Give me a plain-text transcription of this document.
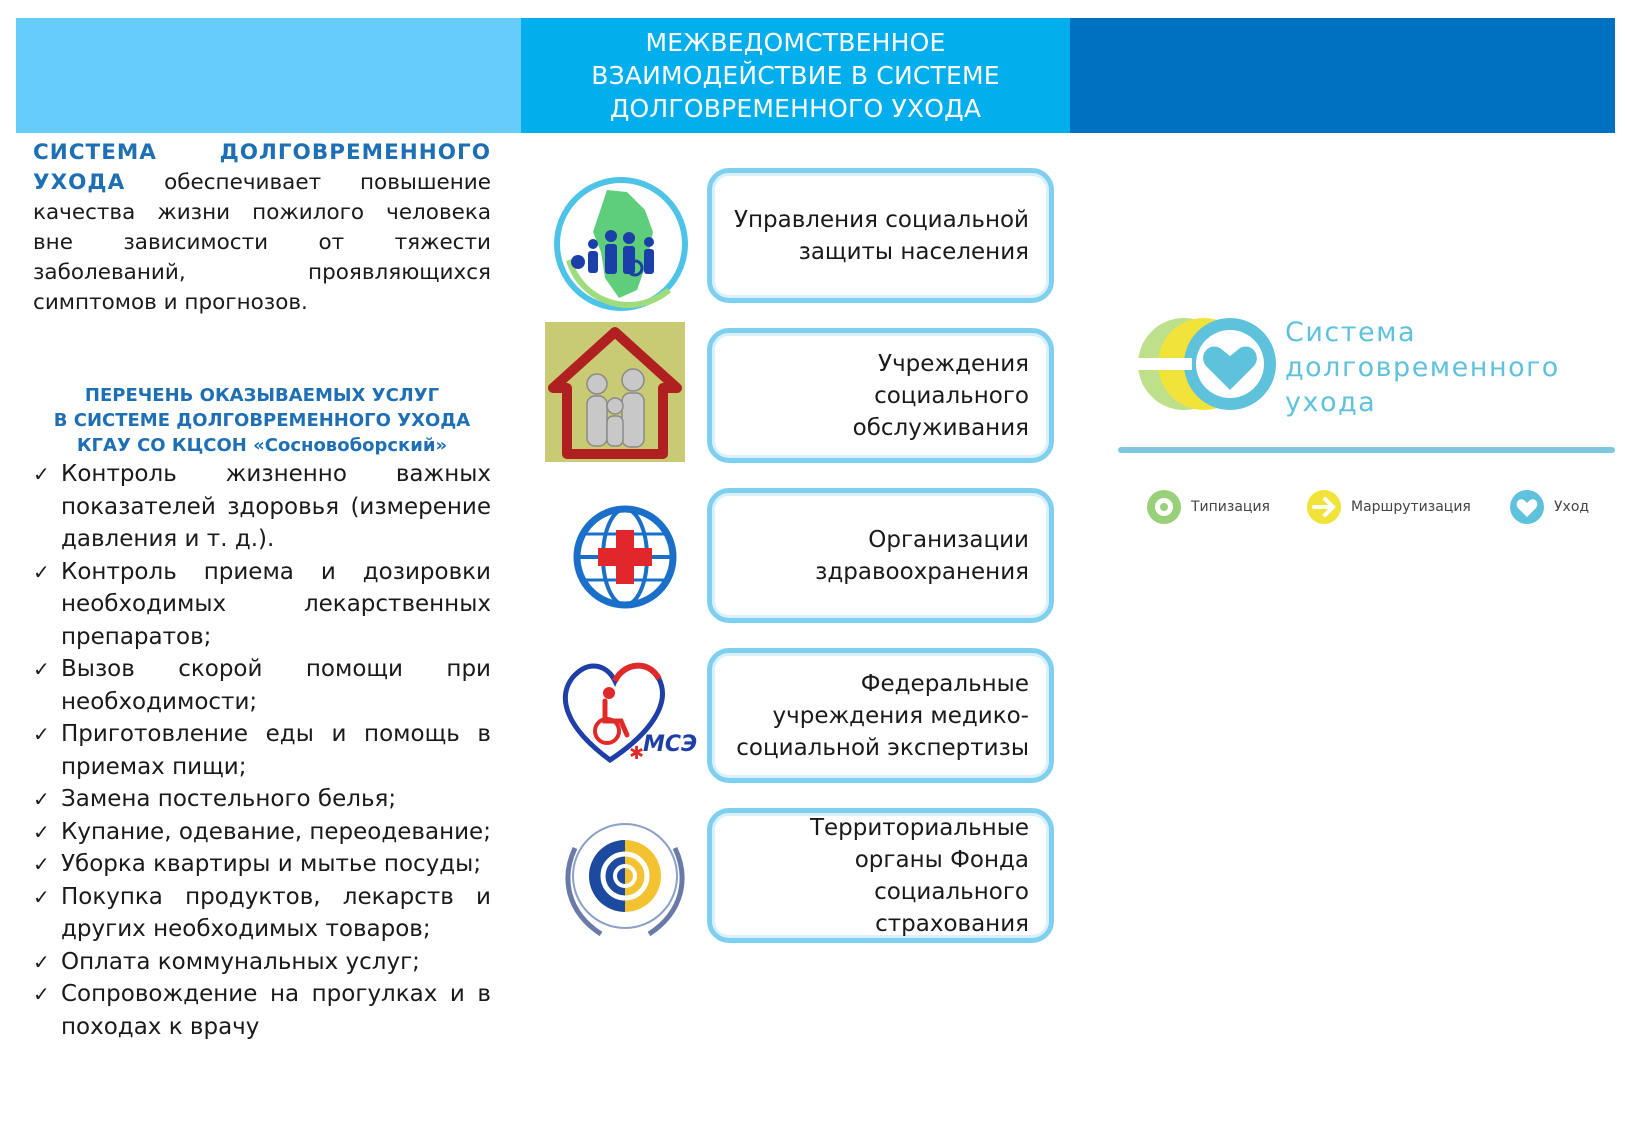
МЕЖВЕДОМСТВЕННОЕ
ВЗАИМОДЕЙСТВИЕ В СИСТЕМЕ
ДОЛГОВРЕМЕННОГО УХОДА
СИСТЕМА ДОЛГОВРЕМЕННОГО УХОДА обеспечивает повышение качества жизни пожилого человека вне зависимости от тяжести заболеваний, проявляющихся симптомов и прогнозов.
ПЕРЕЧЕНЬ ОКАЗЫВАЕМЫХ УСЛУГ
В СИСТЕМЕ ДОЛГОВРЕМЕННОГО УХОДА
КГАУ СО КЦСОН «Сосновоборский»
✓ Контроль жизненно важных показателей здоровья (измерение давления и т. д.).
✓ Контроль приема и дозировки необходимых лекарственных препаратов;
✓ Вызов скорой помощи при необходимости;
✓ Приготовление еды и помощь в приемах пищи;
✓ Замена постельного белья;
✓ Купание, одевание, переодевание;
✓ Уборка квартиры и мытье посуды;
✓ Покупка продуктов, лекарств и других необходимых товаров;
✓ Оплата коммунальных услуг;
✓ Сопровождение на прогулках и в походах к врачу
МСЭ
✱
Управления социальной
защиты населения
Учреждения
социального
обслуживания
Организации
здравоохранения
Федеральные
учреждения медико-
социальной экспертизы
Территориальные
органы Фонда
социального
страхования
Система
долговременного
ухода
Типизация	Маршрутизация	Уход
